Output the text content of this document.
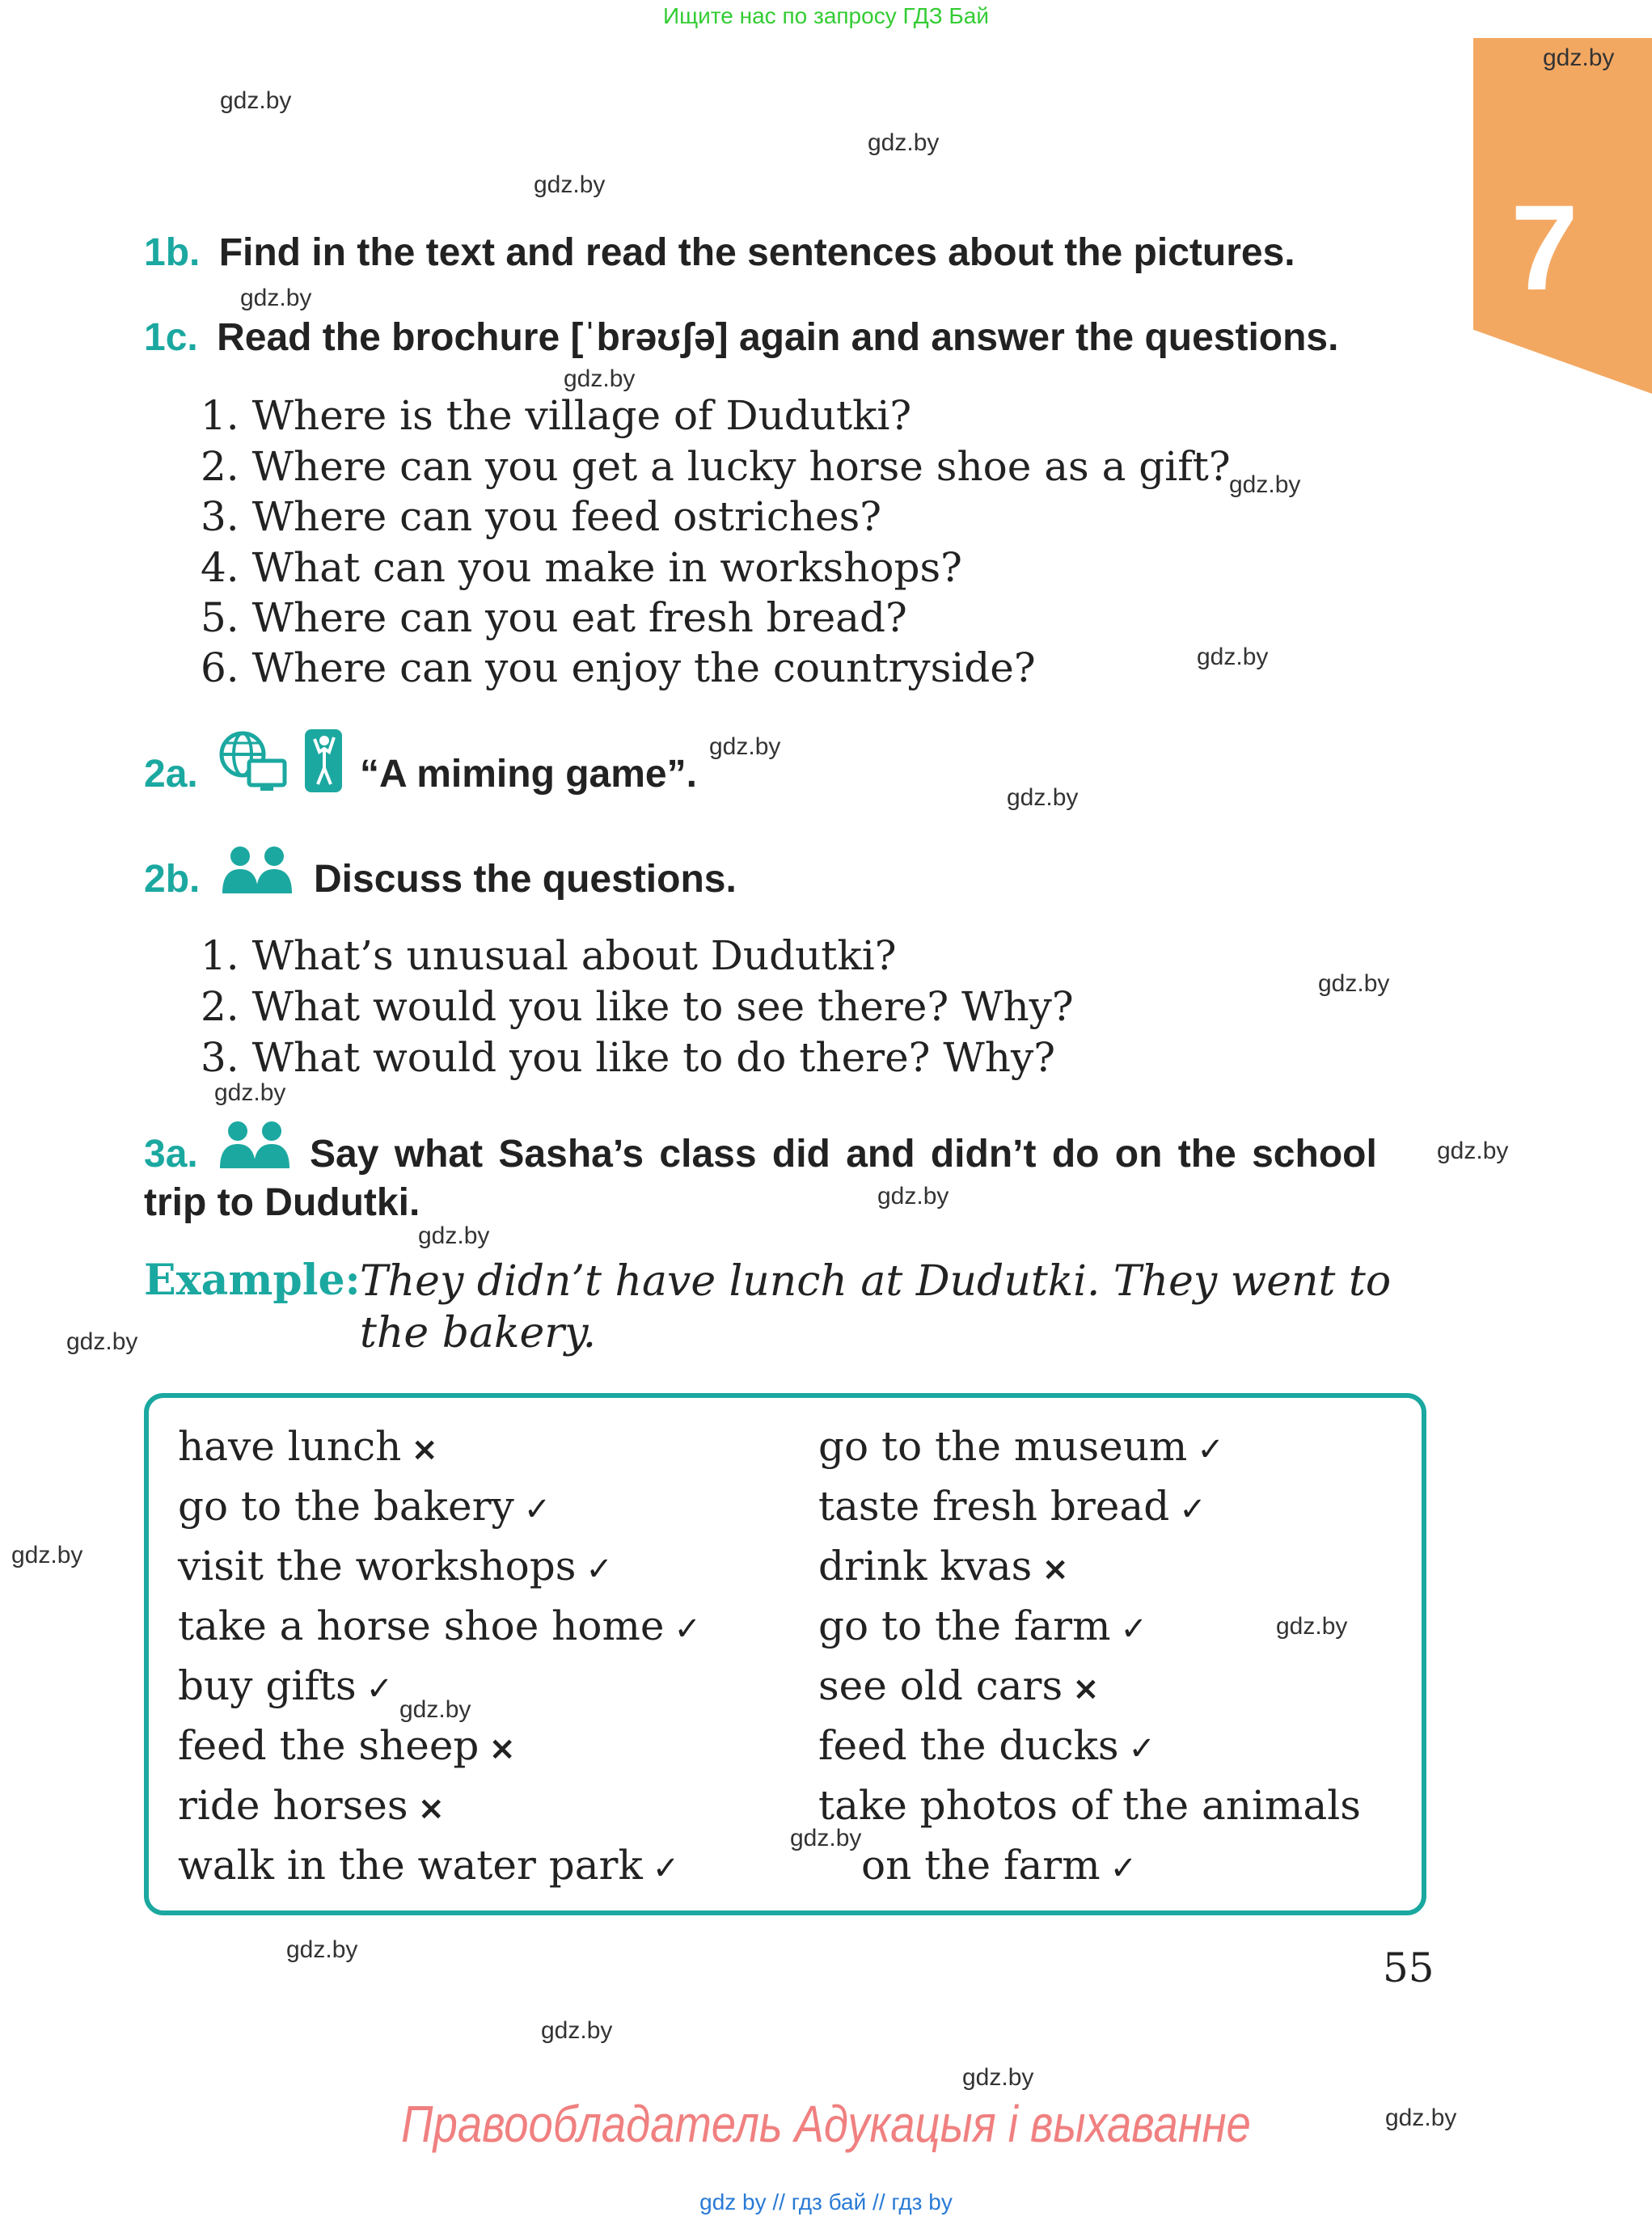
Ищите нас по запросу ГДЗ Бай
7
gdz.by
gdz.by
gdz.by
gdz.by
gdz.by
gdz.by
gdz.by
gdz.by
gdz.by
gdz.by
gdz.by
gdz.by
gdz.by
gdz.by
gdz.by
gdz.by
gdz.by
gdz.by
gdz.by
gdz.by
gdz.by
gdz.by
gdz.by
gdz.by
1b. Find in the text and read the sentences about the pictures.
1c. Read the brochure [ˈbrəʊʃə] again and answer the questions.
1. Where is the village of Dudutki?
2. Where can you get a lucky horse shoe as a gift?
3. Where can you feed ostriches?
4. What can you make in workshops?
5. Where can you eat fresh bread?
6. Where can you enjoy the countryside?
2a.	“A miming game”.
2b.	Discuss the questions.
1. What’s unusual about Dudutki?
2. What would you like to see there? Why?
3. What would you like to do there? Why?
3a.	Say what Sasha’s class did and didn’t do on the school
trip to Dudutki.
Example: They didn’t have lunch at Dudutki. They went to the bakery.
have lunch ×
go to the bakery ✓
visit the workshops ✓
take a horse shoe home ✓
buy gifts ✓
feed the sheep ×
ride horses ×
walk in the water park ✓
go to the museum ✓
taste fresh bread ✓
drink kvas ×
go to the farm ✓
see old cars ×
feed the ducks ✓
take photos of the animals
on the farm ✓
55
Правообладатель Адукацыя і выхаванне
gdz by // гдз бай // гдз by
